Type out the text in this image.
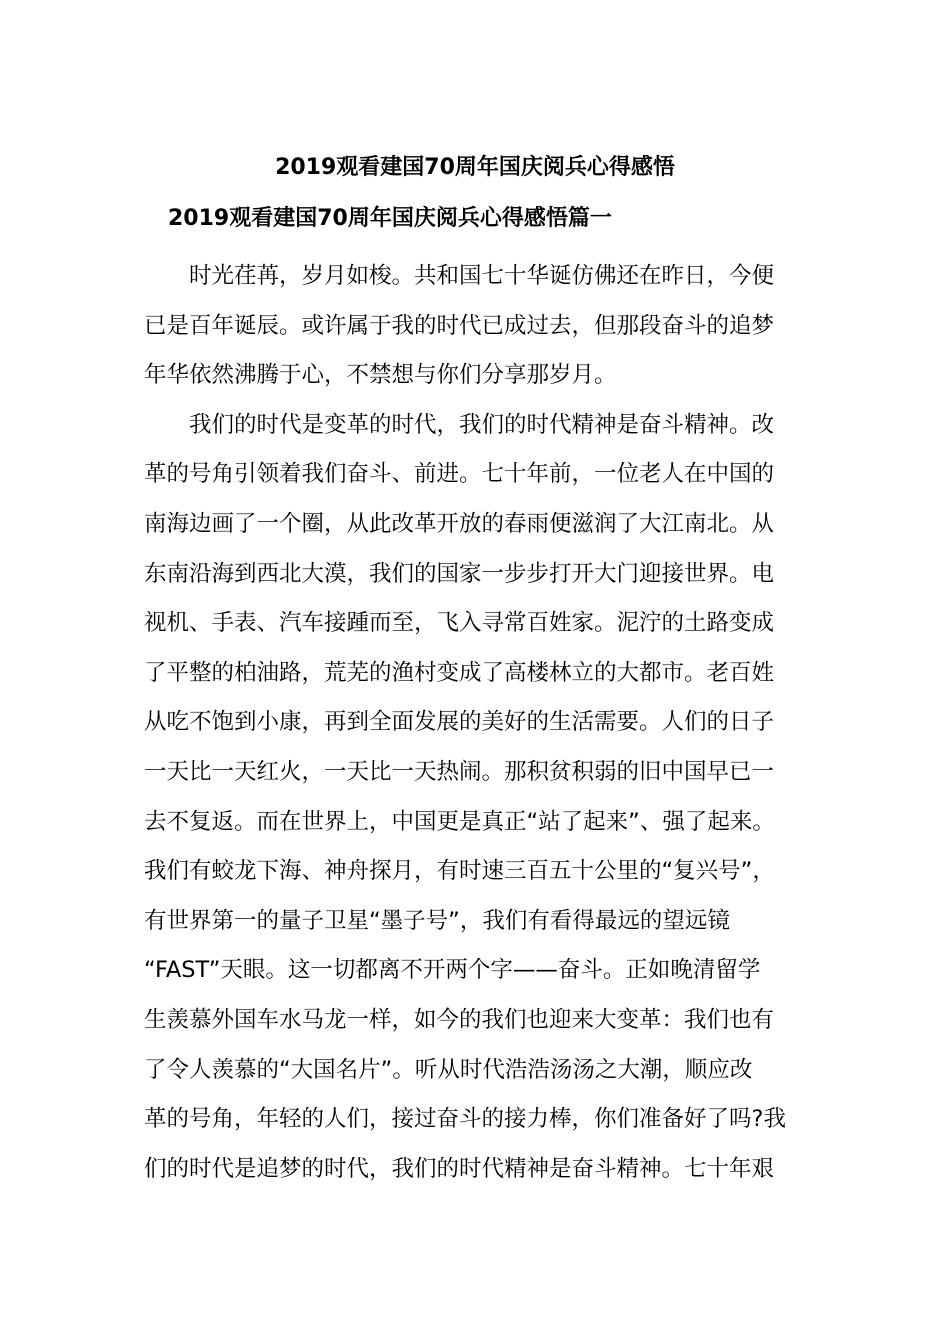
2019观看建国70周年国庆阅兵心得感悟
2019观看建国70周年国庆阅兵心得感悟篇一
　　时光荏苒，岁月如梭。共和国七十华诞仿佛还在昨日，今便
已是百年诞辰。或许属于我的时代已成过去，但那段奋斗的追梦
年华依然沸腾于心，不禁想与你们分享那岁月。
　　我们的时代是变革的时代，我们的时代精神是奋斗精神。改
革的号角引领着我们奋斗、前进。七十年前，一位老人在中国的
南海边画了一个圈，从此改革开放的春雨便滋润了大江南北。从
东南沿海到西北大漠，我们的国家一步步打开大门迎接世界。电
视机、手表、汽车接踵而至，飞入寻常百姓家。泥泞的土路变成
了平整的柏油路，荒芜的渔村变成了高楼林立的大都市。老百姓
从吃不饱到小康，再到全面发展的美好的生活需要。人们的日子
一天比一天红火，一天比一天热闹。那积贫积弱的旧中国早已一
去不复返。而在世界上，中国更是真正“站了起来”、强了起来。
我们有蛟龙下海、神舟探月，有时速三百五十公里的“复兴号”，
有世界第一的量子卫星“墨子号”，我们有看得最远的望远镜
“FAST”天眼。这一切都离不开两个字——奋斗。正如晚清留学
生羡慕外国车水马龙一样，如今的我们也迎来大变革：我们也有
了令人羡慕的“大国名片”。听从时代浩浩汤汤之大潮，顺应改
革的号角，年轻的人们，接过奋斗的接力棒，你们准备好了吗?我
们的时代是追梦的时代，我们的时代精神是奋斗精神。七十年艰
